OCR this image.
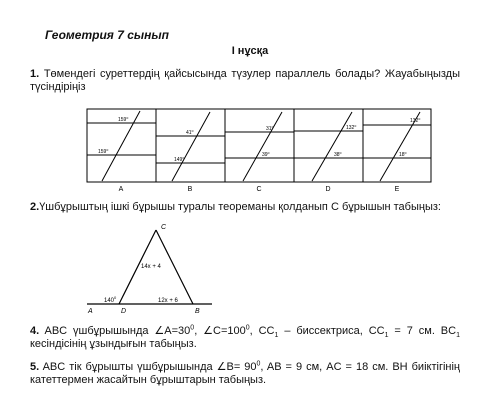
Геометрия 7 сынып
І нұсқа
1. Төмендегі суреттердің қайсысында түзулер параллель болады? Жауабыңызды түсіндіріңіз
159⁰
159⁰
41⁰
149⁰
31⁰
39⁰
132⁰
38⁰
132⁰
18⁰
A	B	C	D	E
C
14x + 4
12x + 6
$140^0$
A	D	B
2.Үшбұрыштың ішкі бұрышы туралы теореманы қолданып С бұрышын табыңыз:
4. ABC үшбұрышында $\angle A=30^0$, $\angle C=100^0$, $CC_1$ – биссектриса, $CC_1 = 7$ см. $BC_1$ кесіндісінің ұзындығын табыңыз.
5. ABC тік бұрышты үшбұрышында ∠B= $90^0$, AB = 9 см, AC = 18 см. BH биіктігінің катеттермен жасайтын бұрыштарын табыңыз.
